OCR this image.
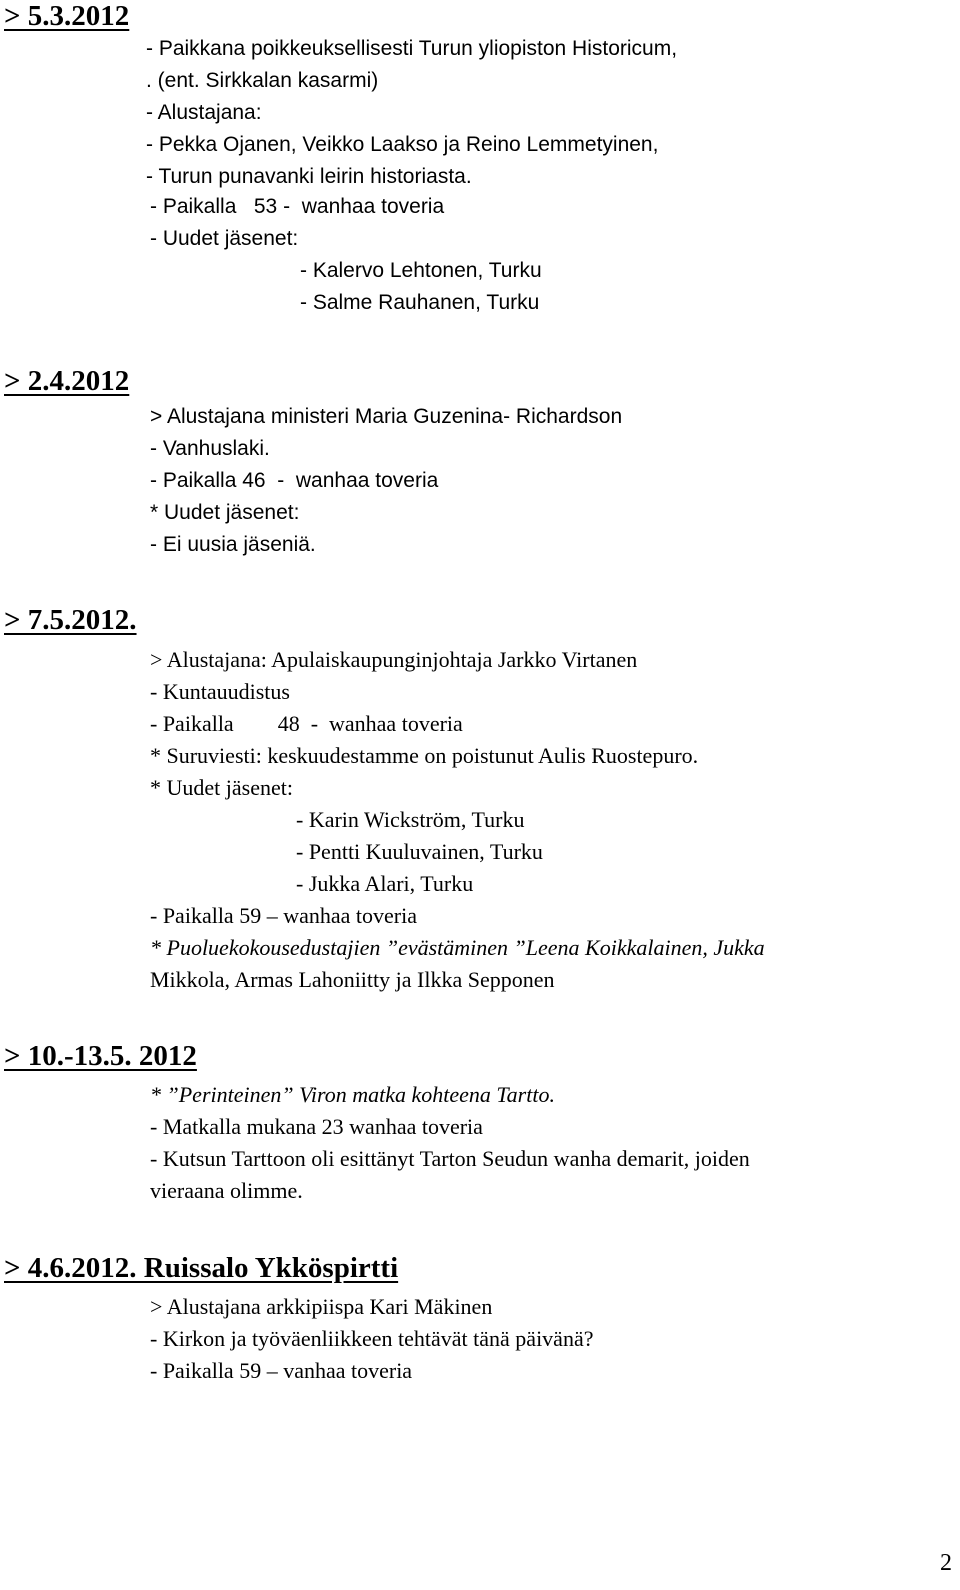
> 5.3.2012

- Paikkana poikkeuksellisesti Turun yliopiston Historicum,

. (ent. Sirkkalan kasarmi)

- Alustajana:

- Pekka Ojanen, Veikko Laakso ja Reino Lemmetyinen,

- Turun punavanki leirin historiasta.

- Paikalla   53 -  wanhaa toveria

- Uudet jäsenet:

- Kalervo Lehtonen, Turku

- Salme Rauhanen, Turku

> 2.4.2012

> Alustajana ministeri Maria Guzenina- Richardson

- Vanhuslaki.

- Paikalla 46  -  wanhaa toveria

* Uudet jäsenet:

- Ei uusia jäseniä.

> 7.5.2012.

> Alustajana: Apulaiskaupunginjohtaja Jarkko Virtanen

- Kuntauudistus

- Paikalla        48  -  wanhaa toveria

* Suruviesti: keskuudestamme on poistunut Aulis Ruostepuro.

* Uudet jäsenet:

- Karin Wickström, Turku

- Pentti Kuuluvainen, Turku

- Jukka Alari, Turku

- Paikalla 59 – wanhaa toveria

* Puoluekokousedustajien ”evästäminen ”Leena Koikkalainen, Jukka

Mikkola, Armas Lahoniitty ja Ilkka Sepponen

> 10.-13.5. 2012

* ”Perinteinen” Viron matka kohteena Tartto.

- Matkalla mukana 23 wanhaa toveria

- Kutsun Tarttoon oli esittänyt Tarton Seudun wanha demarit, joiden

vieraana olimme.

> 4.6.2012. Ruissalo Ykköspirtti

> Alustajana arkkipiispa Kari Mäkinen

- Kirkon ja työväenliikkeen tehtävät tänä päivänä?

- Paikalla 59 – vanhaa toveria

2
